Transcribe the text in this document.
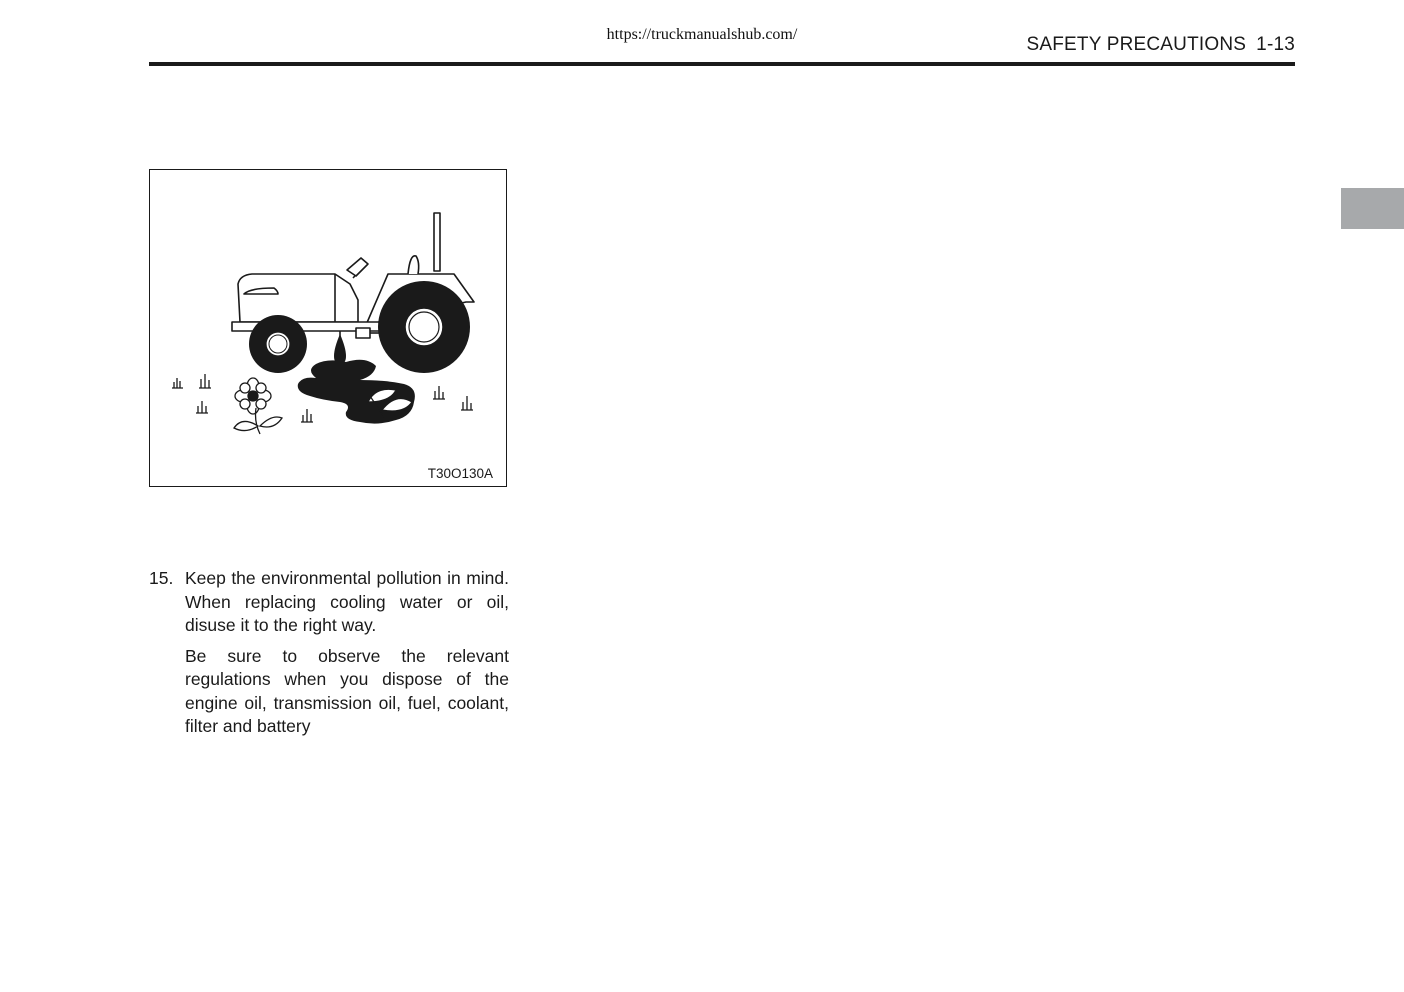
https://truckmanualshub.com/	SAFETY PRECAUTIONS 1-13
T30O130A

15. Keep the environmental pollution in mind. When replacing cooling water or oil, disuse it to the right way.

Be sure to observe the relevant regulations when you dispose of the engine oil, transmission oil, fuel, coolant, filter and battery
